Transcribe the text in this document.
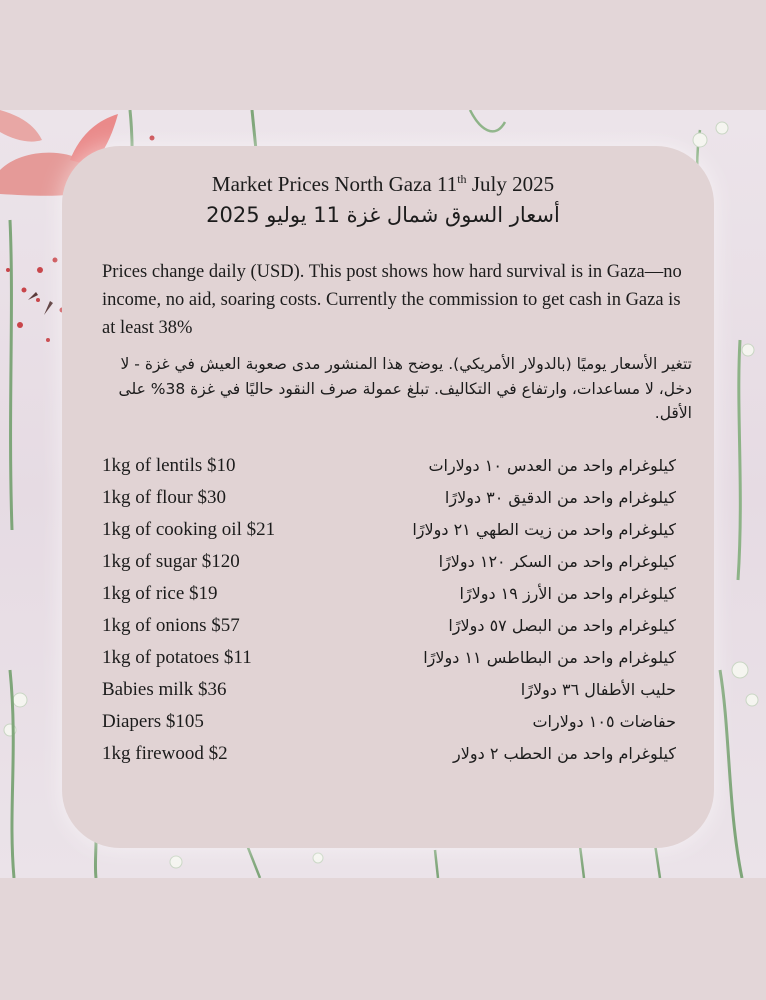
Market Prices North Gaza 11th July 2025
أسعار السوق شمال غزة 11 يوليو 2025
Prices change daily (USD). This post shows how hard survival is in Gaza—no income, no aid, soaring costs. Currently the commission to get cash in Gaza is at least 38%
تتغير الأسعار يوميًا (بالدولار الأمريكي). يوضح هذا المنشور مدى صعوبة العيش في غزة - لا دخل، لا مساعدات، وارتفاع في التكاليف. تبلغ عمولة صرف النقود حاليًا في غزة 38% على الأقل.
1kg of lentils $10	كيلوغرام واحد من العدس ١٠ دولارات
1kg of flour $30	كيلوغرام واحد من الدقيق ٣٠ دولارًا
1kg of cooking oil $21	كيلوغرام واحد من زيت الطهي ٢١ دولارًا
1kg of sugar $120	كيلوغرام واحد من السكر ١٢٠ دولارًا
1kg of rice $19	كيلوغرام واحد من الأرز ١٩ دولارًا
1kg of onions $57	كيلوغرام واحد من البصل ٥٧ دولارًا
1kg of potatoes $11	كيلوغرام واحد من البطاطس ١١ دولارًا
Babies milk $36	حليب الأطفال ٣٦ دولارًا
Diapers $105	حفاضات ١٠٥ دولارات
1kg firewood $2	كيلوغرام واحد من الحطب ٢ دولار
